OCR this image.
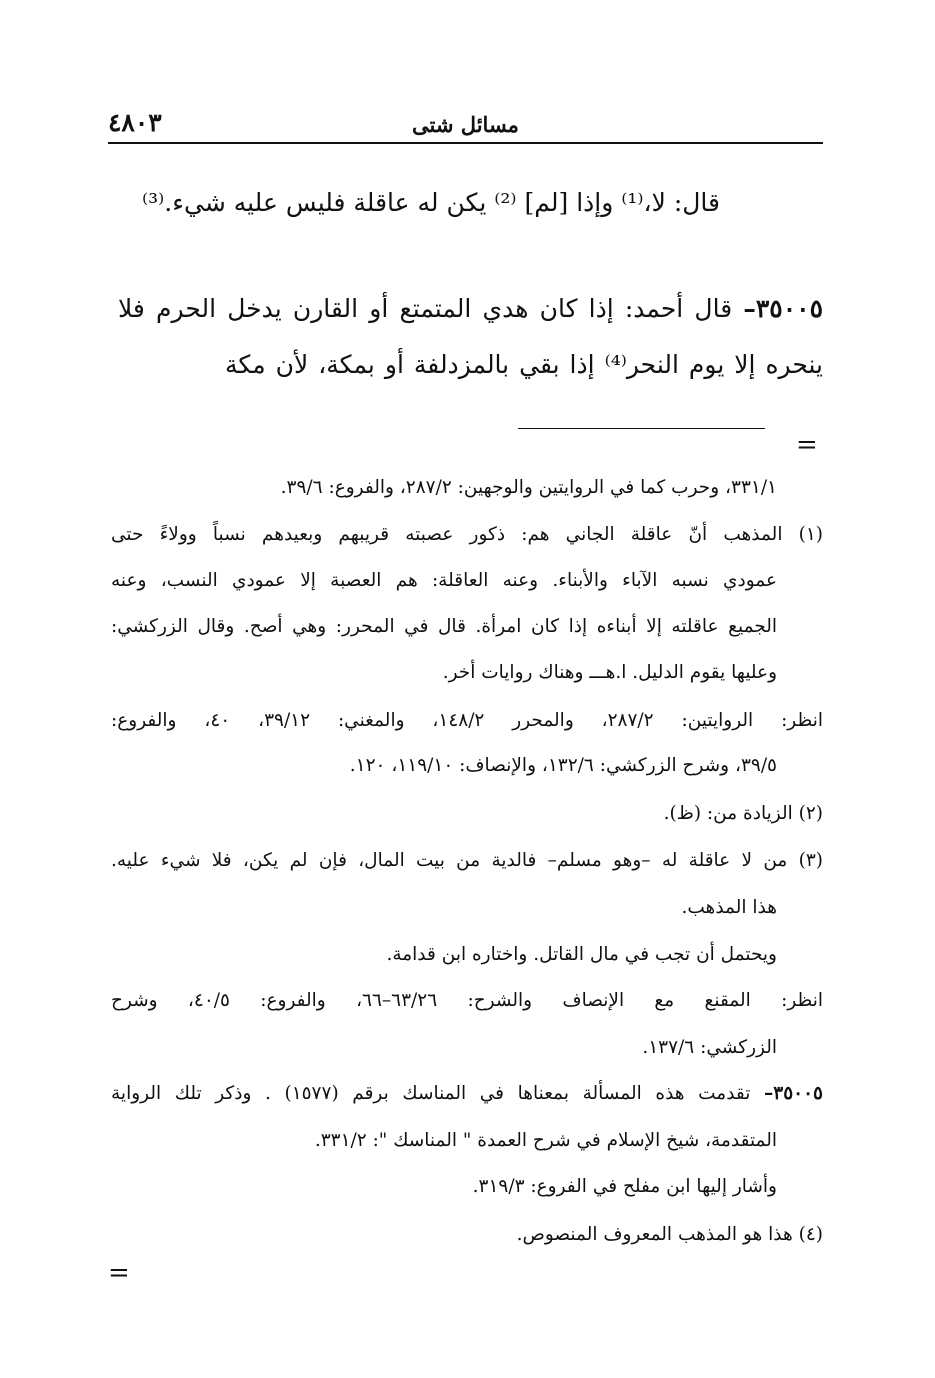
٤٨٠٣	مسائل شتى
قال: لا،⁽¹⁾ وإذا [لم] ⁽²⁾ يكن له عاقلة فليس عليه شيء.⁽³⁾
٣٥٠٠٥– قال أحمد: إذا كان هدي المتمتع أو القارن يدخل الحرم فلا
ينحره إلا يوم النحر⁽⁴⁾ إذا بقي بالمزدلفة أو بمكة، لأن مكة
=
٣٣١/١، وحرب كما في الروايتين والوجهين: ٢٨٧/٢، والفروع: ٣٩/٦.
(١) المذهب أنّ عاقلة الجاني هم: ذكور عصبته قريبهم وبعيدهم نسباً وولاءً حتى
عمودي نسبه الآباء والأبناء. وعنه العاقلة: هم العصبة إلا عمودي النسب، وعنه
الجميع عاقلته إلا أبناءه إذا كان امرأة. قال في المحرر: وهي أصح. وقال الزركشي:
وعليها يقوم الدليل. ا.هـــ وهناك روايات أخر.
انظر: الروايتين: ٢٨٧/٢، والمحرر ١٤٨/٢، والمغني: ٣٩/١٢، ٤٠، والفروع:
٣٩/٥، وشرح الزركشي: ١٣٢/٦، والإنصاف: ١١٩/١٠، ١٢٠.
(٢) الزيادة من: (ظ).
(٣) من لا عاقلة له –وهو مسلم– فالدية من بيت المال، فإن لم يكن، فلا شيء عليه.
هذا المذهب.
ويحتمل أن تجب في مال القاتل. واختاره ابن قدامة.
انظر: المقنع مع الإنصاف والشرح: ٦٣/٢٦–٦٦، والفروع: ٤٠/٥، وشرح
الزركشي: ١٣٧/٦.
٣٥٠٠٥– تقدمت هذه المسألة بمعناها في المناسك برقم (١٥٧٧) . وذكر تلك الرواية
المتقدمة، شيخ الإسلام في شرح العمدة " المناسك ": ٣٣١/٢.
وأشار إليها ابن مفلح في الفروع: ٣١٩/٣.
(٤) هذا هو المذهب المعروف المنصوص.
=
